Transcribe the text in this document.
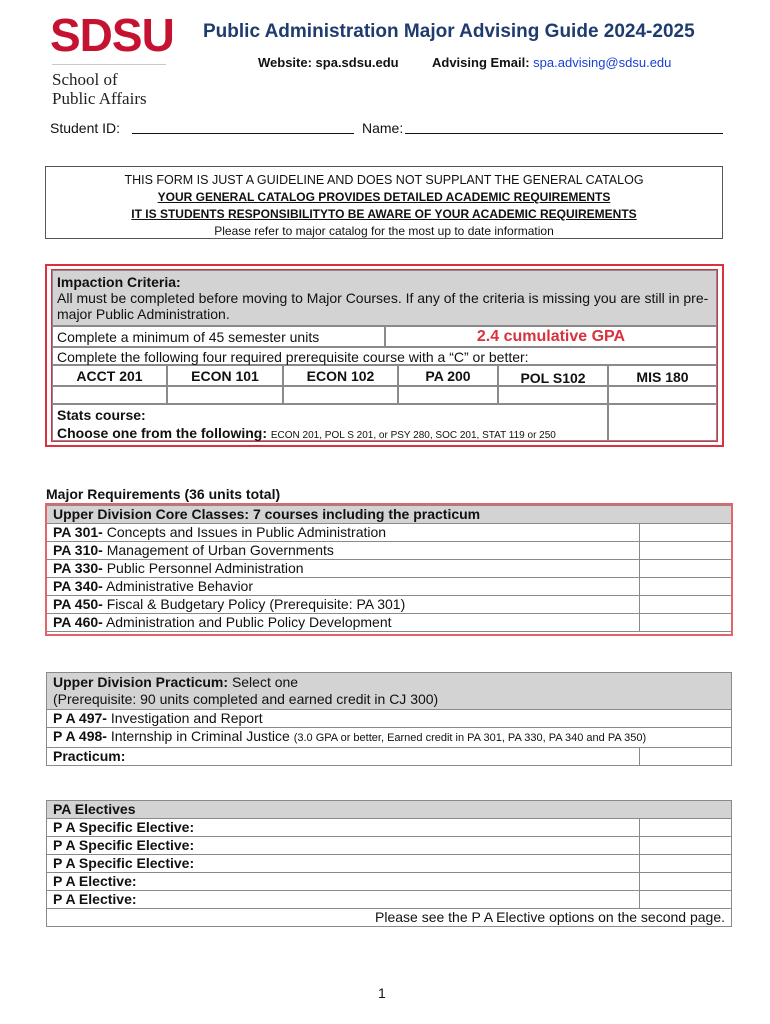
SDSU
School of
Public Affairs
Public Administration Major Advising Guide 2024-2025
Website: spa.sdsu.edu	Advising Email: spa.advising@sdsu.edu
Student ID:	Name:
THIS FORM IS JUST A GUIDELINE AND DOES NOT SUPPLANT THE GENERAL CATALOG
YOUR GENERAL CATALOG PROVIDES DETAILED ACADEMIC REQUIREMENTS
IT IS STUDENTS RESPONSIBILITYTO BE AWARE OF YOUR ACADEMIC REQUIREMENTS
Please refer to major catalog for the most up to date information
Impaction Criteria:
All must be completed before moving to Major Courses. If any of the criteria is missing you are still in pre-major Public Administration.
Complete a minimum of 45 semester units	2.4 cumulative GPA
Complete the following four required prerequisite course with a “C” or better:
ACCT 201	ECON 101	ECON 102	PA 200	POL S102	MIS 180
Stats course:
Choose one from the following: ECON 201, POL S 201, or PSY 280, SOC 201, STAT 119 or 250
Major Requirements (36 units total)
Upper Division Core Classes: 7 courses including the practicum	
PA 301- Concepts and Issues in Public Administration	
PA 310- Management of Urban Governments	
PA 330- Public Personnel Administration	
PA 340- Administrative Behavior	
PA 450- Fiscal & Budgetary Policy (Prerequisite: PA 301)	
PA 460- Administration and Public Policy Development	
Upper Division Practicum: Select one
(Prerequisite: 90 units completed and earned credit in CJ 300)
P A 497- Investigation and Report
P A 498- Internship in Criminal Justice (3.0 GPA or better, Earned credit in PA 301, PA 330, PA 340 and PA 350)
Practicum:	
PA Electives	
P A Specific Elective:	
P A Specific Elective:	
P A Specific Elective:	
P A Elective:	
P A Elective:	
Please see the P A Elective options on the second page.	
1
